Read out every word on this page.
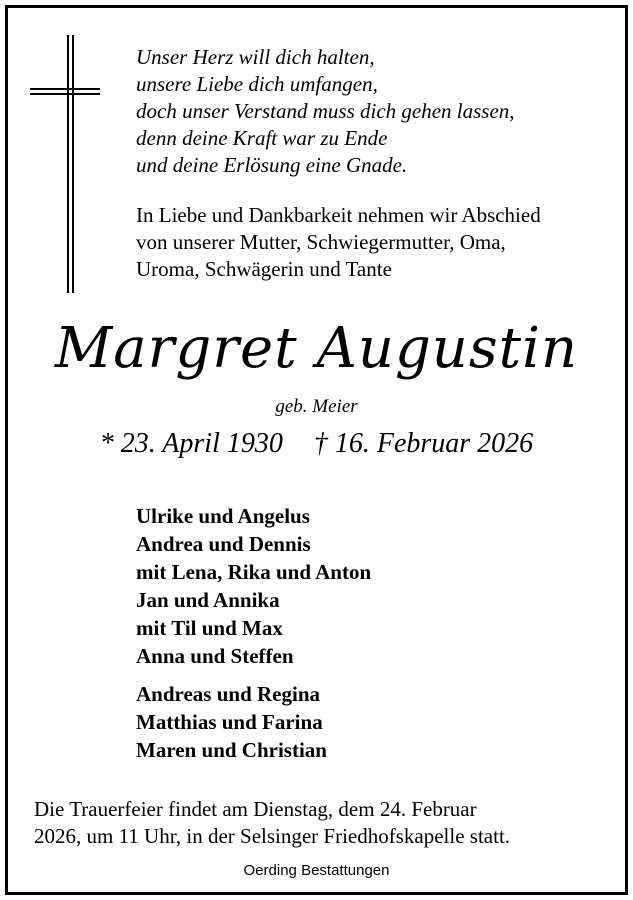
Unser Herz will dich halten,
unsere Liebe dich umfangen,
doch unser Verstand muss dich gehen lassen,
denn deine Kraft war zu Ende
und deine Erlösung eine Gnade.
In Liebe und Dankbarkeit nehmen wir Abschied
von unserer Mutter, Schwiegermutter, Oma,
Uroma, Schwägerin und Tante
Margret Augustin
geb. Meier
* 23. April 1930 † 16. Februar 2026
Ulrike und Angelus
Andrea und Dennis
mit Lena, Rika und Anton
Jan und Annika
mit Til und Max
Anna und Steffen
Andreas und Regina
Matthias und Farina
Maren und Christian
Die Trauerfeier findet am Dienstag, dem 24. Februar
2026, um 11 Uhr, in der Selsinger Friedhofskapelle statt.
Oerding Bestattungen
